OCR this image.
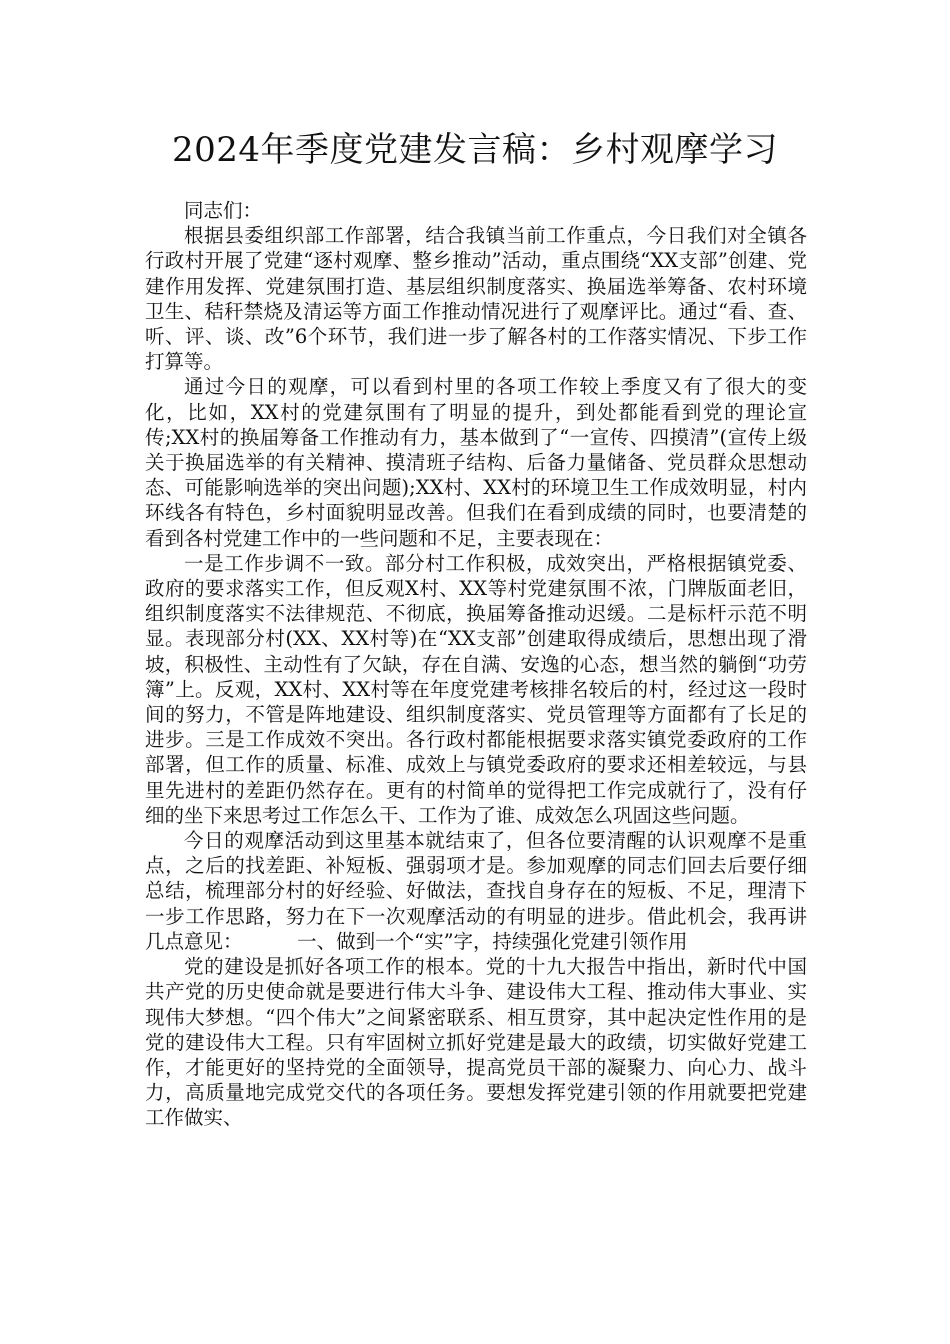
2024年季度党建发言稿：乡村观摩学习

同志们：

根据县委组织部工作部署，结合我镇当前工作重点，今日我们对全镇各行政村开展了党建“逐村观摩、整乡推动”活动，重点围绕“XX支部”创建、党建作用发挥、党建氛围打造、基层组织制度落实、换届选举筹备、农村环境卫生、秸秆禁烧及清运等方面工作推动情况进行了观摩评比。通过“看、查、听、评、谈、改”6个环节，我们进一步了解各村的工作落实情况、下步工作打算等。

通过今日的观摩，可以看到村里的各项工作较上季度又有了很大的变化，比如，XX村的党建氛围有了明显的提升，到处都能看到党的理论宣传;XX村的换届筹备工作推动有力，基本做到了“一宣传、四摸清”(宣传上级关于换届选举的有关精神、摸清班子结构、后备力量储备、党员群众思想动态、可能影响选举的突出问题);XX村、XX村的环境卫生工作成效明显，村内环线各有特色，乡村面貌明显改善。但我们在看到成绩的同时，也要清楚的看到各村党建工作中的一些问题和不足，主要表现在：

一是工作步调不一致。部分村工作积极，成效突出，严格根据镇党委、政府的要求落实工作，但反观X村、XX等村党建氛围不浓，门牌版面老旧，组织制度落实不法律规范、不彻底，换届筹备推动迟缓。二是标杆示范不明显。表现部分村(XX、XX村等)在“XX支部”创建取得成绩后，思想出现了滑坡，积极性、主动性有了欠缺，存在自满、安逸的心态，想当然的躺倒“功劳簿”上。反观，XX村、XX村等在年度党建考核排名较后的村，经过这一段时间的努力，不管是阵地建设、组织制度落实、党员管理等方面都有了长足的进步。三是工作成效不突出。各行政村都能根据要求落实镇党委政府的工作部署，但工作的质量、标准、成效上与镇党委政府的要求还相差较远，与县里先进村的差距仍然存在。更有的村简单的觉得把工作完成就行了，没有仔细的坐下来思考过工作怎么干、工作为了谁、成效怎么巩固这些问题。

今日的观摩活动到这里基本就结束了，但各位要清醒的认识观摩不是重点，之后的找差距、补短板、强弱项才是。参加观摩的同志们回去后要仔细总结，梳理部分村的好经验、好做法，查找自身存在的短板、不足，理清下一步工作思路，努力在下一次观摩活动的有明显的进步。借此机会，我再讲几点意见：	一、做到一个“实”字，持续强化党建引领作用

党的建设是抓好各项工作的根本。党的十九大报告中指出，新时代中国共产党的历史使命就是要进行伟大斗争、建设伟大工程、推动伟大事业、实现伟大梦想。“四个伟大”之间紧密联系、相互贯穿，其中起决定性作用的是党的建设伟大工程。只有牢固树立抓好党建是最大的政绩，切实做好党建工作，才能更好的坚持党的全面领导，提高党员干部的凝聚力、向心力、战斗力，高质量地完成党交代的各项任务。要想发挥党建引领的作用就要把党建工作做实、
